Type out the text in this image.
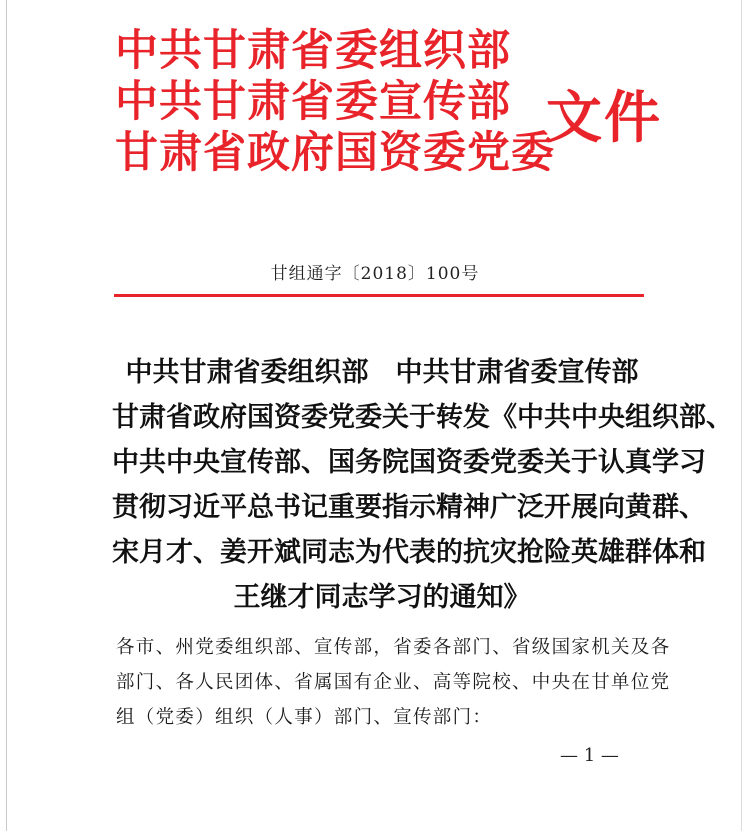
中共甘肃省委组织部
中共甘肃省委宣传部
甘肃省政府国资委党委
文件
甘组通字〔2018〕100号
中共甘肃省委组织部　中共甘肃省委宣传部
甘肃省政府国资委党委关于转发《中共中央组织部、
中共中央宣传部、国务院国资委党委关于认真学习
贯彻习近平总书记重要指示精神广泛开展向黄群、
宋月才、姜开斌同志为代表的抗灾抢险英雄群体和
王继才同志学习的通知》
各市、州党委组织部、宣传部，省委各部门、省级国家机关及各
部门、各人民团体、省属国有企业、高等院校、中央在甘单位党
组（党委）组织（人事）部门、宣传部门：
— 1 —
